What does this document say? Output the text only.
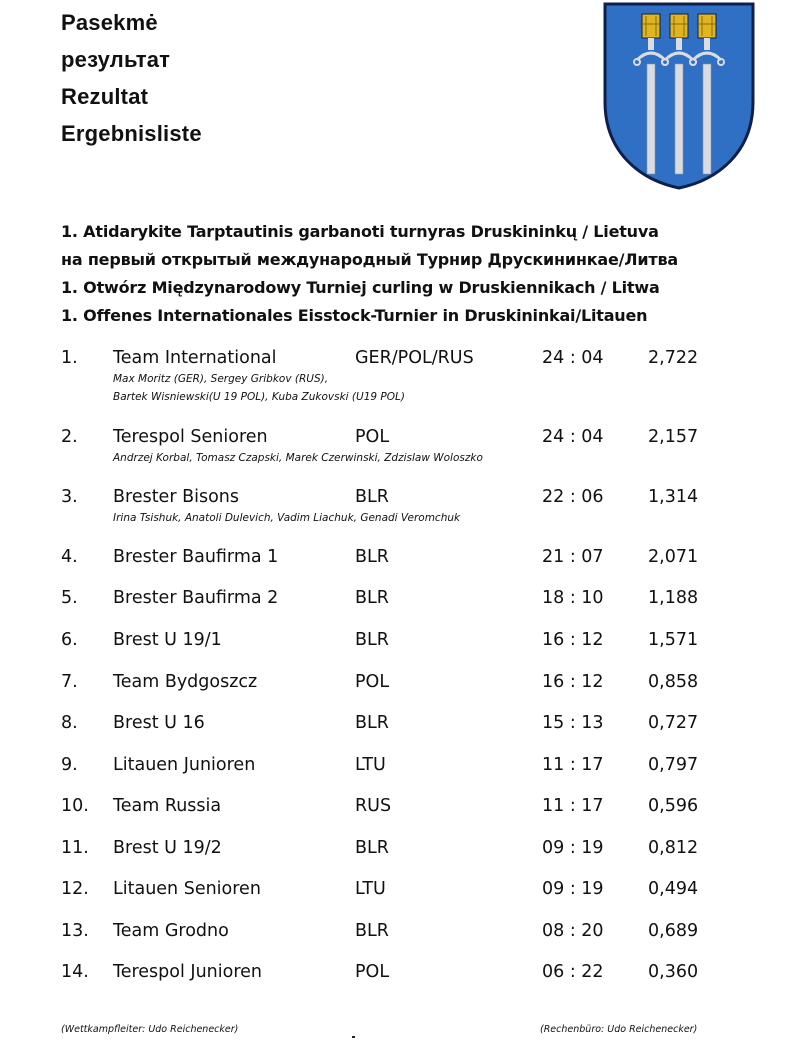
Pasekmė
результат
Rezultat
Ergebnisliste
1. Atidarykite Tarptautinis garbanoti turnyras Druskininkų / Lietuva
на первый открытый международный Турнир Друскининкае/Литва
1. Otwórz Międzynarodowy Turniej curling w Druskiennikach / Litwa
1. Offenes Internationales Eisstock-Turnier in Druskininkai/Litauen
1. Team International	GER/POL/RUS	24 : 04	2,722
Max Moritz (GER), Sergey Gribkov (RUS),
Bartek Wisniewski(U 19 POL), Kuba Zukovski (U19 POL)
2. Terespol Senioren	POL	24 : 04	2,157
Andrzej Korbal, Tomasz Czapski, Marek Czerwinski, Zdzislaw Woloszko
3. Brester Bisons	BLR	22 : 06	1,314
Irina Tsishuk, Anatoli Dulevich, Vadim Liachuk, Genadi Veromchuk
4. Brester Baufirma 1	BLR	21 : 07	2,071
5. Brester Baufirma 2	BLR	18 : 10	1,188
6. Brest U 19/1	BLR	16 : 12	1,571
7. Team Bydgoszcz	POL	16 : 12	0,858
8. Brest U 16	BLR	15 : 13	0,727
9. Litauen Junioren	LTU	11 : 17	0,797
10. Team Russia	RUS	11 : 17	0,596
11. Brest U 19/2	BLR	09 : 19	0,812
12. Litauen Senioren	LTU	09 : 19	0,494
13. Team Grodno	BLR	08 : 20	0,689
14. Terespol Junioren	POL	06 : 22	0,360
(Wettkampfleiter: Udo Reichenecker)	(Rechenbüro: Udo Reichenecker)
